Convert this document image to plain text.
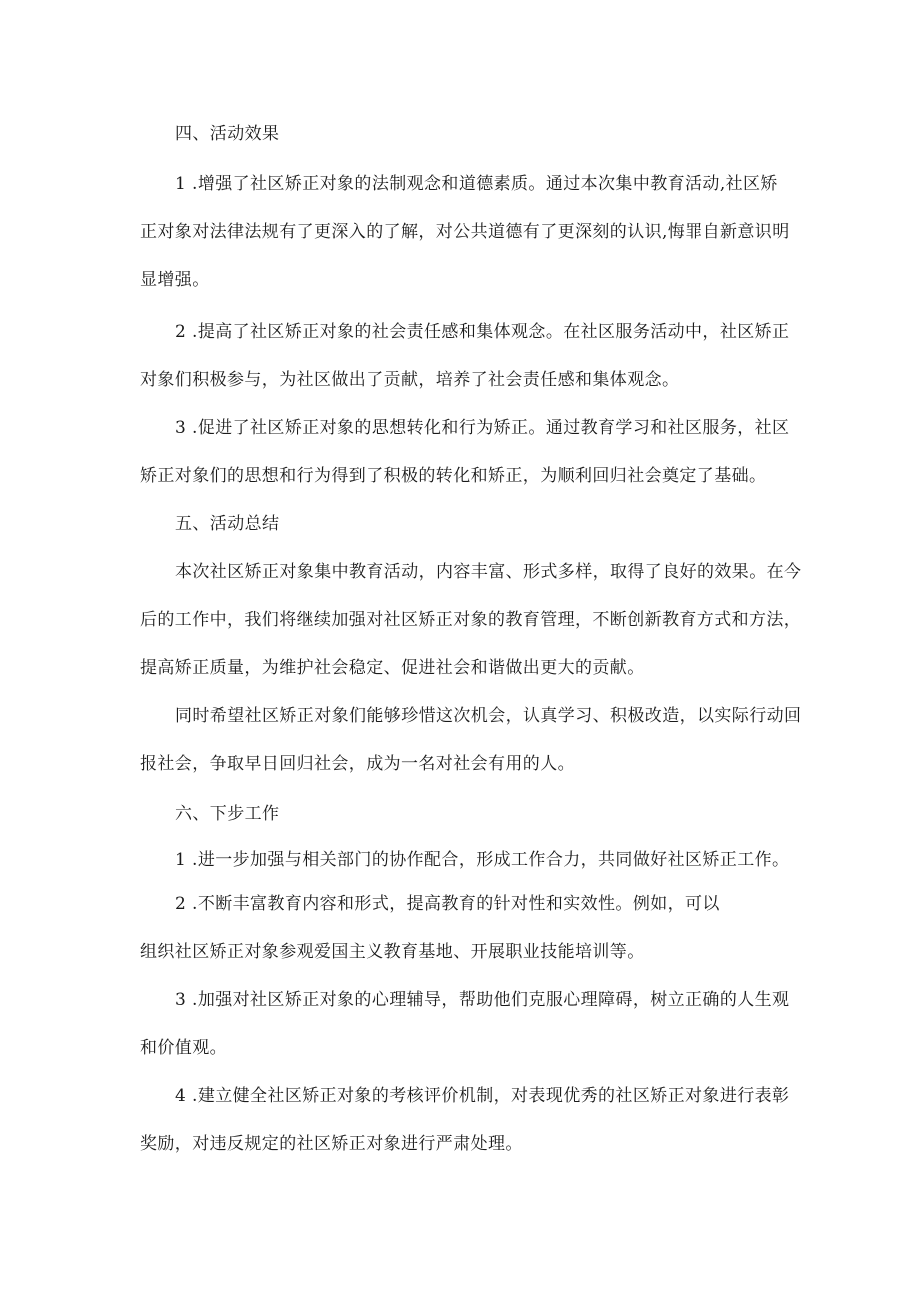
四、活动效果

1 .增强了社区矫正对象的法制观念和道德素质。通过本次集中教育活动,社区矫
正对象对法律法规有了更深入的了解，对公共道德有了更深刻的认识,悔罪自新意识明
显增强。

2 .提高了社区矫正对象的社会责任感和集体观念。在社区服务活动中，社区矫正
对象们积极参与，为社区做出了贡献，培养了社会责任感和集体观念。

3 .促进了社区矫正对象的思想转化和行为矫正。通过教育学习和社区服务，社区
矫正对象们的思想和行为得到了积极的转化和矫正，为顺利回归社会奠定了基础。

五、活动总结

本次社区矫正对象集中教育活动，内容丰富、形式多样，取得了良好的效果。在今
后的工作中，我们将继续加强对社区矫正对象的教育管理，不断创新教育方式和方法，
提高矫正质量，为维护社会稳定、促进社会和谐做出更大的贡献。

同时希望社区矫正对象们能够珍惜这次机会，认真学习、积极改造，以实际行动回
报社会，争取早日回归社会，成为一名对社会有用的人。

六、下步工作

1 .进一步加强与相关部门的协作配合，形成工作合力，共同做好社区矫正工作。

2 .不断丰富教育内容和形式，提高教育的针对性和实效性。例如，可以
组织社区矫正对象参观爱国主义教育基地、开展职业技能培训等。

3 .加强对社区矫正对象的心理辅导，帮助他们克服心理障碍，树立正确的人生观
和价值观。

4 .建立健全社区矫正对象的考核评价机制，对表现优秀的社区矫正对象进行表彰
奖励，对违反规定的社区矫正对象进行严肃处理。
